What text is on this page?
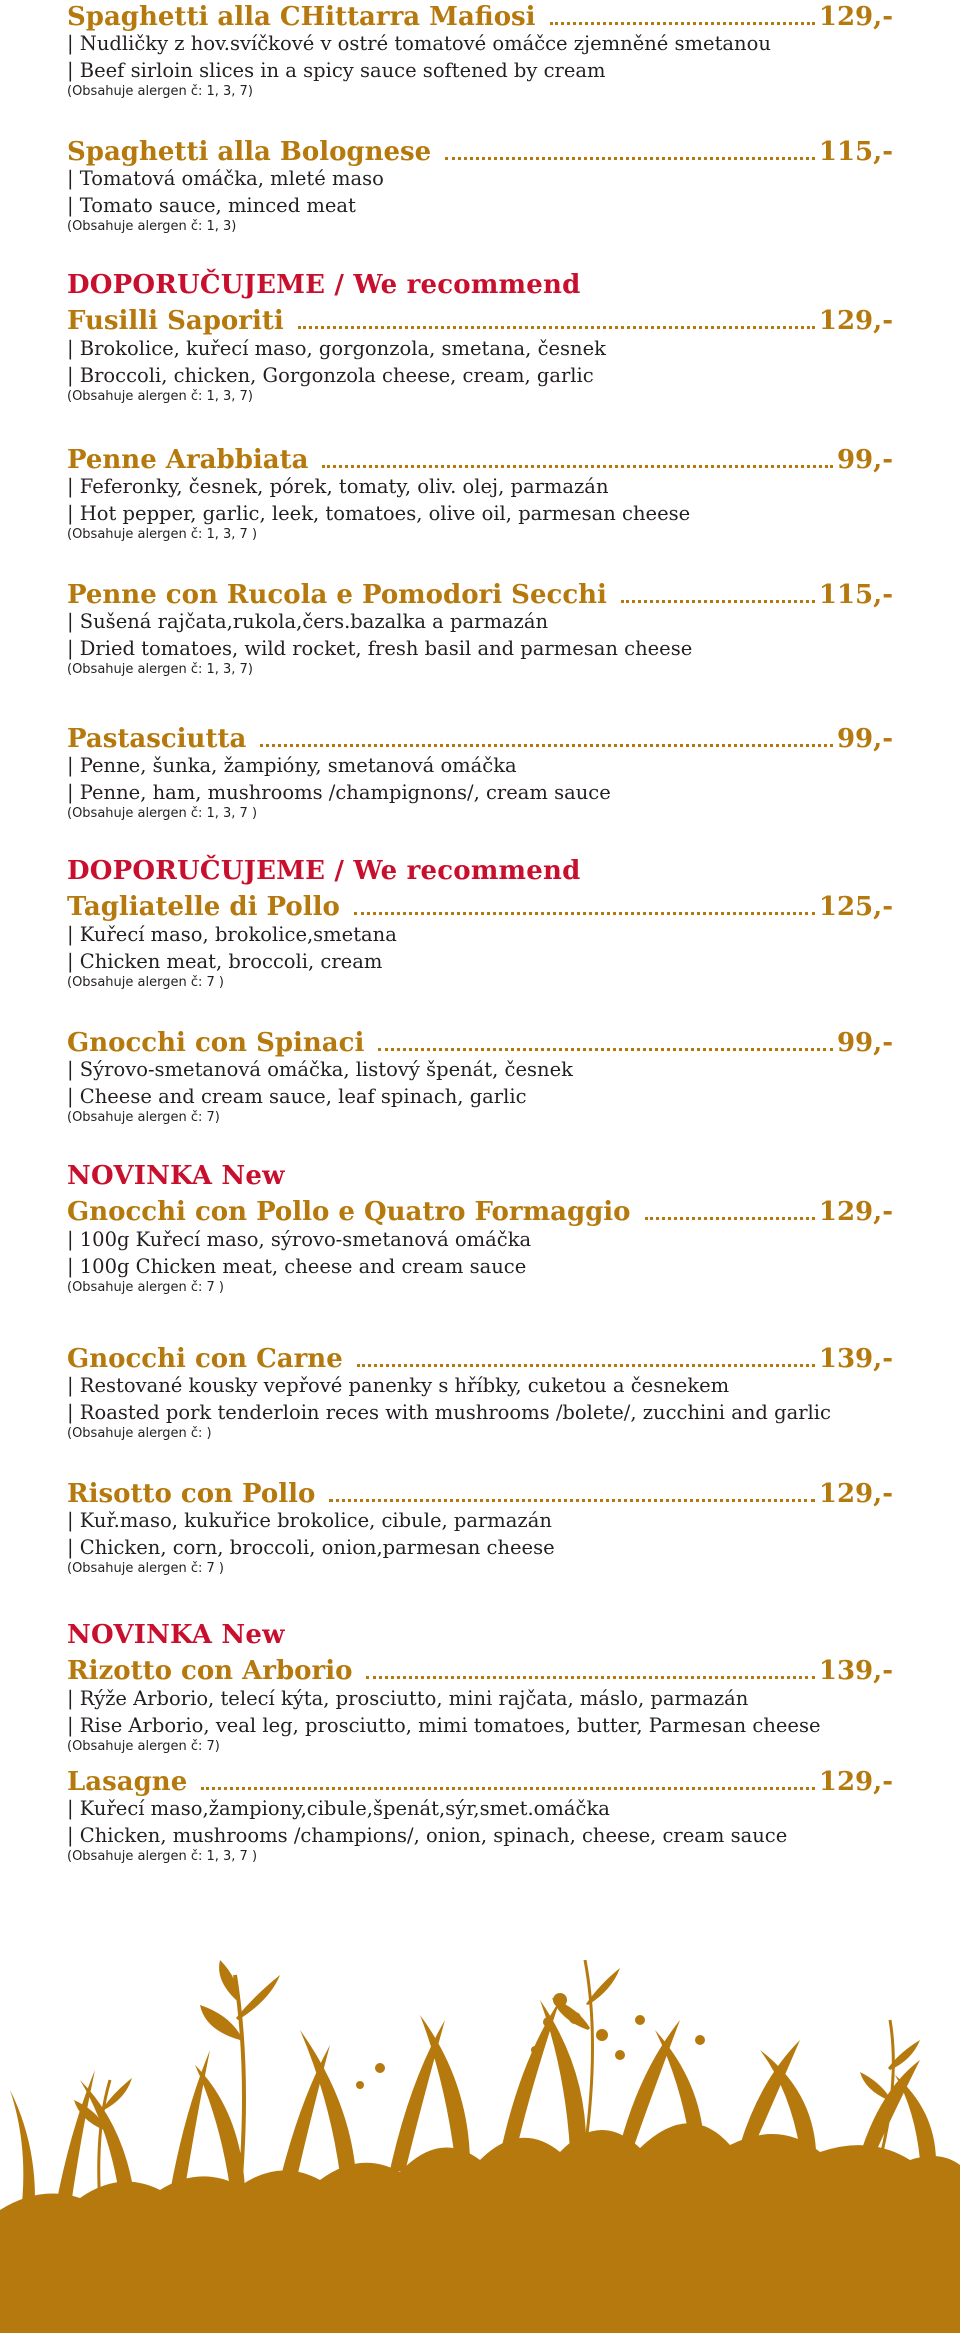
Spaghetti alla CHittarra Mafiosi	129,-
| Nudličky z hov.svíčkové v ostré tomatové omáčce zjemněné smetanou
| Beef sirloin slices in a spicy sauce softened by cream
(Obsahuje alergen č: 1, 3, 7)
Spaghetti alla Bolognese	115,-
| Tomatová omáčka, mleté maso
| Tomato sauce, minced meat
(Obsahuje alergen č: 1, 3)
DOPORUČUJEME / We recommend
Fusilli Saporiti	129,-
| Brokolice, kuřecí maso, gorgonzola, smetana, česnek
| Broccoli, chicken, Gorgonzola cheese, cream, garlic
(Obsahuje alergen č: 1, 3, 7)
Penne Arabbiata	99,-
| Feferonky, česnek, pórek, tomaty, oliv. olej, parmazán
| Hot pepper, garlic, leek, tomatoes, olive oil, parmesan cheese
(Obsahuje alergen č: 1, 3, 7 )
Penne con Rucola e Pomodori Secchi	115,-
| Sušená rajčata,rukola,čers.bazalka a parmazán
| Dried tomatoes, wild rocket, fresh basil and parmesan cheese
(Obsahuje alergen č: 1, 3, 7)
Pastasciutta	99,-
| Penne, šunka, žampióny, smetanová omáčka
| Penne, ham, mushrooms /champignons/, cream sauce
(Obsahuje alergen č: 1, 3, 7 )
DOPORUČUJEME / We recommend
Tagliatelle di Pollo	125,-
| Kuřecí maso, brokolice,smetana
| Chicken meat, broccoli, cream
(Obsahuje alergen č: 7 )
Gnocchi con Spinaci	99,-
| Sýrovo-smetanová omáčka, listový špenát, česnek
| Cheese and cream sauce, leaf spinach, garlic
(Obsahuje alergen č: 7)
NOVINKA New
Gnocchi con Pollo e Quatro Formaggio	129,-
| 100g Kuřecí maso, sýrovo-smetanová omáčka
| 100g Chicken meat, cheese and cream sauce
(Obsahuje alergen č: 7 )
Gnocchi con Carne	139,-
| Restované kousky vepřové panenky s hříbky, cuketou a česnekem
| Roasted pork tenderloin reces with mushrooms /bolete/, zucchini and garlic
(Obsahuje alergen č: )
Risotto con Pollo	129,-
| Kuř.maso, kukuřice brokolice, cibule, parmazán
| Chicken, corn, broccoli, onion,parmesan cheese
(Obsahuje alergen č: 7 )
NOVINKA New
Rizotto con Arborio	139,-
| Rýže Arborio, telecí kýta, prosciutto, mini rajčata, máslo, parmazán
| Rise Arborio, veal leg, prosciutto, mimi tomatoes, butter, Parmesan cheese
(Obsahuje alergen č: 7)
Lasagne	129,-
| Kuřecí maso,žampiony,cibule,špenát,sýr,smet.omáčka
| Chicken, mushrooms /champions/, onion, spinach, cheese, cream sauce
(Obsahuje alergen č: 1, 3, 7 )
